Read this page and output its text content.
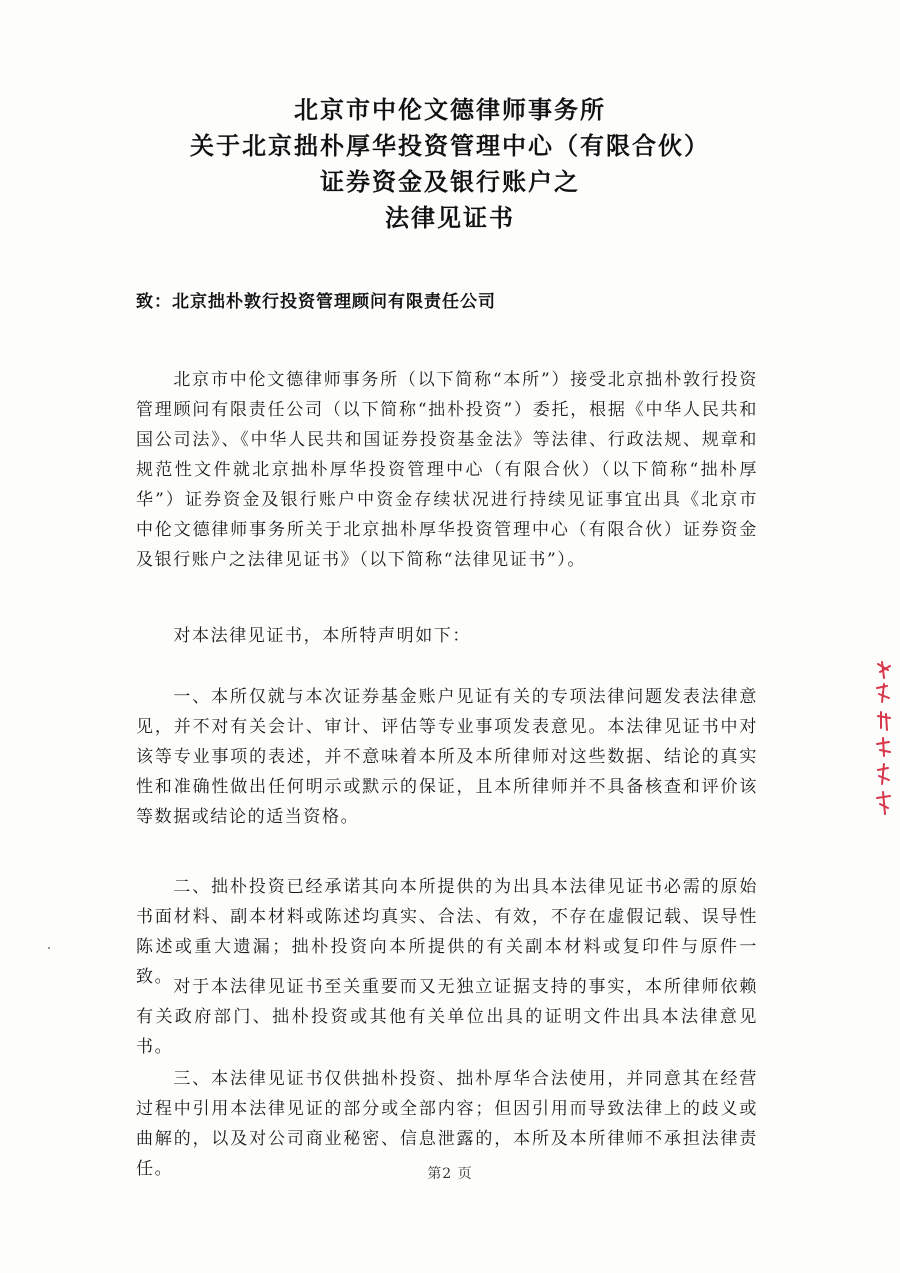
北京市中伦文德律师事务所
关于北京拙朴厚华投资管理中心（有限合伙）
证券资金及银行账户之
法律见证书
致：北京拙朴敦行投资管理顾问有限责任公司

北京市中伦文德律师事务所（以下简称“本所”）接受北京拙朴敦行投资管理顾问有限责任公司（以下简称“拙朴投资”）委托，根据《中华人民共和国公司法》、《中华人民共和国证券投资基金法》等法律、行政法规、规章和规范性文件就北京拙朴厚华投资管理中心（有限合伙）（以下简称“拙朴厚华”）证券资金及银行账户中资金存续状况进行持续见证事宜出具《北京市中伦文德律师事务所关于北京拙朴厚华投资管理中心（有限合伙）证券资金及银行账户之法律见证书》（以下简称“法律见证书”）。

对本法律见证书，本所特声明如下：

一、本所仅就与本次证券基金账户见证有关的专项法律问题发表法律意见，并不对有关会计、审计、评估等专业事项发表意见。本法律见证书中对该等专业事项的表述，并不意味着本所及本所律师对这些数据、结论的真实性和准确性做出任何明示或默示的保证，且本所律师并不具备核查和评价该等数据或结论的适当资格。

二、拙朴投资已经承诺其向本所提供的为出具本法律见证书必需的原始书面材料、副本材料或陈述均真实、合法、有效，不存在虚假记载、误导性陈述或重大遗漏；拙朴投资向本所提供的有关副本材料或复印件与原件一致。 对于本法律见证书至关重要而又无独立证据支持的事实，本所律师依赖有关政府部门、拙朴投资或其他有关单位出具的证明文件出具本法律意见书。

三、本法律见证书仅供拙朴投资、拙朴厚华合法使用，并同意其在经营过程中引用本法律见证的部分或全部内容；但因引用而导致法律上的歧义或曲解的，以及对公司商业秘密、信息泄露的，本所及本所律师不承担法律责任。	第2 页
